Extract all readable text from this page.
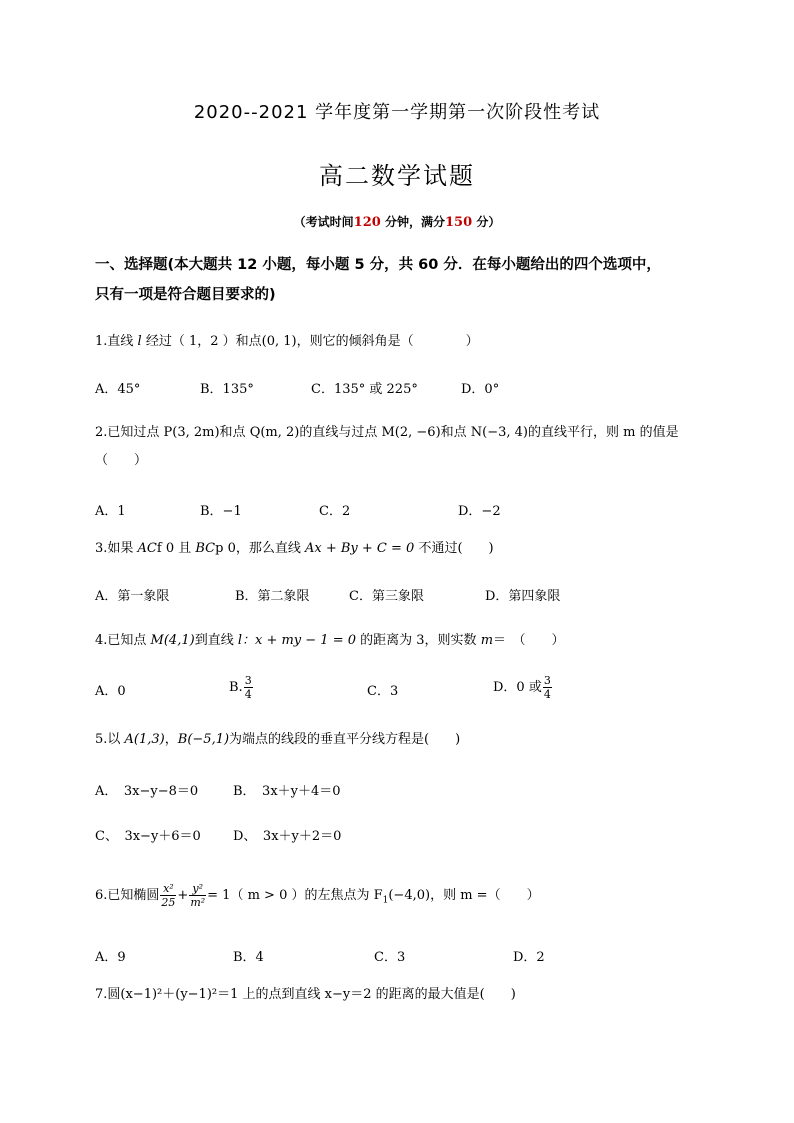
2020--2021 学年度第一学期第一次阶段性考试
高二数学试题
（考试时间120 分钟，满分150 分）
一、选择题(本大题共 12 小题，每小题 5 分，共 60 分．在每小题给出的四个选项中，
只有一项是符合题目要求的)
1.直线 l 经过（ 1，2 ）和点(0, 1)，则它的倾斜角是（　　　　）
A．45°	B．135°	C．135° 或 225°	D．0°
2.已知过点 P(3, 2m)和点 Q(m, 2)的直线与过点 M(2, −6)和点 N(−3, 4)的直线平行，则 m 的值是
（　　）
A．1	B．−1	C．2	D．−2
3.如果 ACf 0 且 BCp 0，那么直线 Ax + By + C = 0 不通过(　　)
A．第一象限	B．第二象限	C．第三象限	D．第四象限
4.已知点 M(4,1)到直线 l：x + my − 1 = 0 的距离为 3，则实数 m＝　（　　）
A．0	B. $\frac{3}{4}$	C．3	D．0 或 $\frac{3}{4}$
5.以 A(1,3)，B(−5,1)为端点的线段的垂直平分线方程是(　　)
A．　3x−y−8＝0	B．　3x＋y＋4＝0
C、　3x−y＋6＝0 D、　3x＋y＋2＝0
6.已知椭圆 $\frac{\text{x²}}{25} + \frac{\text{y²}}{\text{m²}} = 1$（ m > 0 ）的左焦点为 $F_1(-4,0)$，则 m =（　　）
A．9	B．4	C．3	D．2
7.圆(x−1)²＋(y−1)²＝1 上的点到直线 x−y＝2 的距离的最大值是(　　)
